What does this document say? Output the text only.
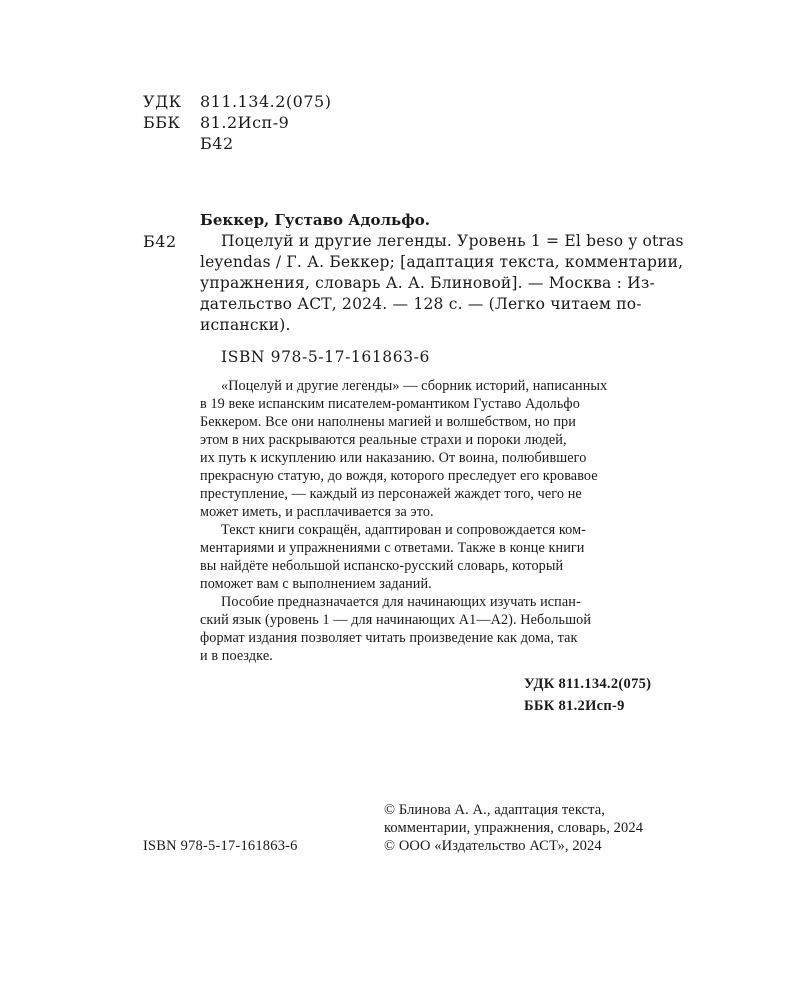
УДК 811.134.2(075)
ББК 81.2Исп-9
Б42
Беккер, Густаво Адольфо.
Б42	Поцелуй и другие легенды. Уровень 1 = El beso y otras
leyendas / Г. А. Беккер; [адаптация текста, комментарии,
упражнения, словарь А. А. Блиновой]. — Москва : Из-
дательство АСТ, 2024. — 128 с. — (Легко читаем по-
испански).
ISBN 978-5-17-161863-6
«Поцелуй и другие легенды» — сборник историй, написанных
в 19 веке испанским писателем-романтиком Густаво Адольфо
Беккером. Все они наполнены магией и волшебством, но при
этом в них раскрываются реальные страхи и пороки людей,
их путь к искуплению или наказанию. От воина, полюбившего
прекрасную статую, до вождя, которого преследует его кровавое
преступление, — каждый из персонажей жаждет того, чего не
может иметь, и расплачивается за это.
Текст книги сокращён, адаптирован и сопровождается ком-
ментариями и упражнениями с ответами. Также в конце книги
вы найдёте небольшой испанско-русский словарь, который
поможет вам с выполнением заданий.
Пособие предназначается для начинающих изучать испан-
ский язык (уровень 1 — для начинающих А1—А2). Небольшой
формат издания позволяет читать произведение как дома, так
и в поездке.
УДК 811.134.2(075)
ББК 81.2Исп-9
ISBN 978-5-17-161863-6
© Блинова А. А., адаптация текста,
комментарии, упражнения, словарь, 2024
© ООО «Издательство АСТ», 2024
